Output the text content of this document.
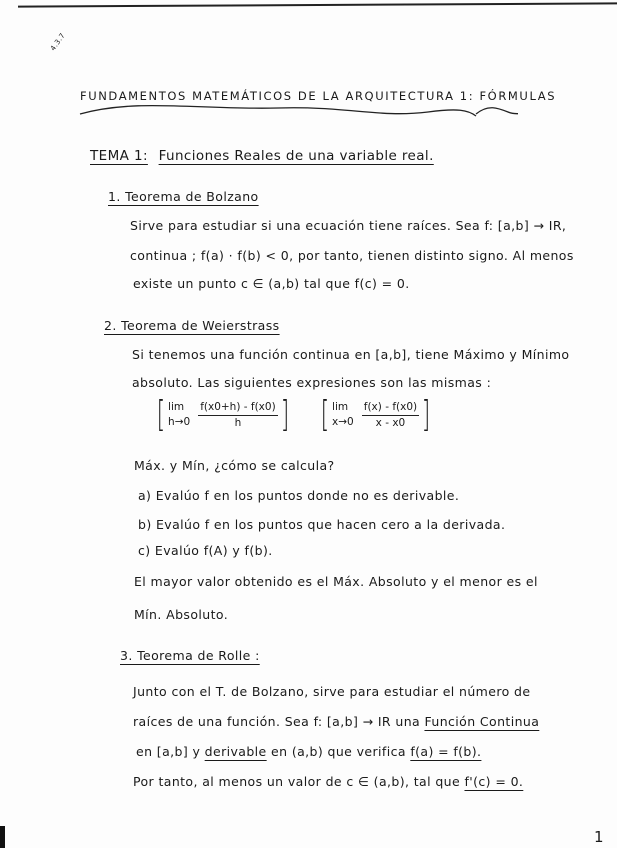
4.3.7
FUNDAMENTOS MATEMÁTICOS DE LA ARQUITECTURA 1: FÓRMULAS
TEMA 1: Funciones Reales de una variable real.
1. Teorema de Bolzano
Sirve para estudiar si una ecuación tiene raíces. Sea f: [a,b] → IR,
continua ; f(a) · f(b) < 0, por tanto, tienen distinto signo. Al menos
existe un punto c ∈ (a,b) tal que f(c) = 0.
2. Teorema de Weierstrass
Si tenemos una función continua en [a,b], tiene Máximo y Mínimo
absoluto. Las siguientes expresiones son las mismas :
[ lim
$h\to 0 \frac{f(x0+h) - f(x0)}{h}$ ] [ lim
$x\to 0 \frac{f(x) - f(x0)}{x - x0}$ ]
Máx. y Mín, ¿cómo se calcula?
a) Evalúo f en los puntos donde no es derivable.
b) Evalúo f en los puntos que hacen cero a la derivada.
c) Evalúo f(A) y f(b).
El mayor valor obtenido es el Máx. Absoluto y el menor es el
Mín. Absoluto.
3. Teorema de Rolle :
Junto con el T. de Bolzano, sirve para estudiar el número de
raíces de una función. Sea f: [a,b] → IR una Función Continua
en [a,b] y derivable en (a,b) que verifica f(a) = f(b).
Por tanto, al menos un valor de c ∈ (a,b), tal que f'(c) = 0.
1
